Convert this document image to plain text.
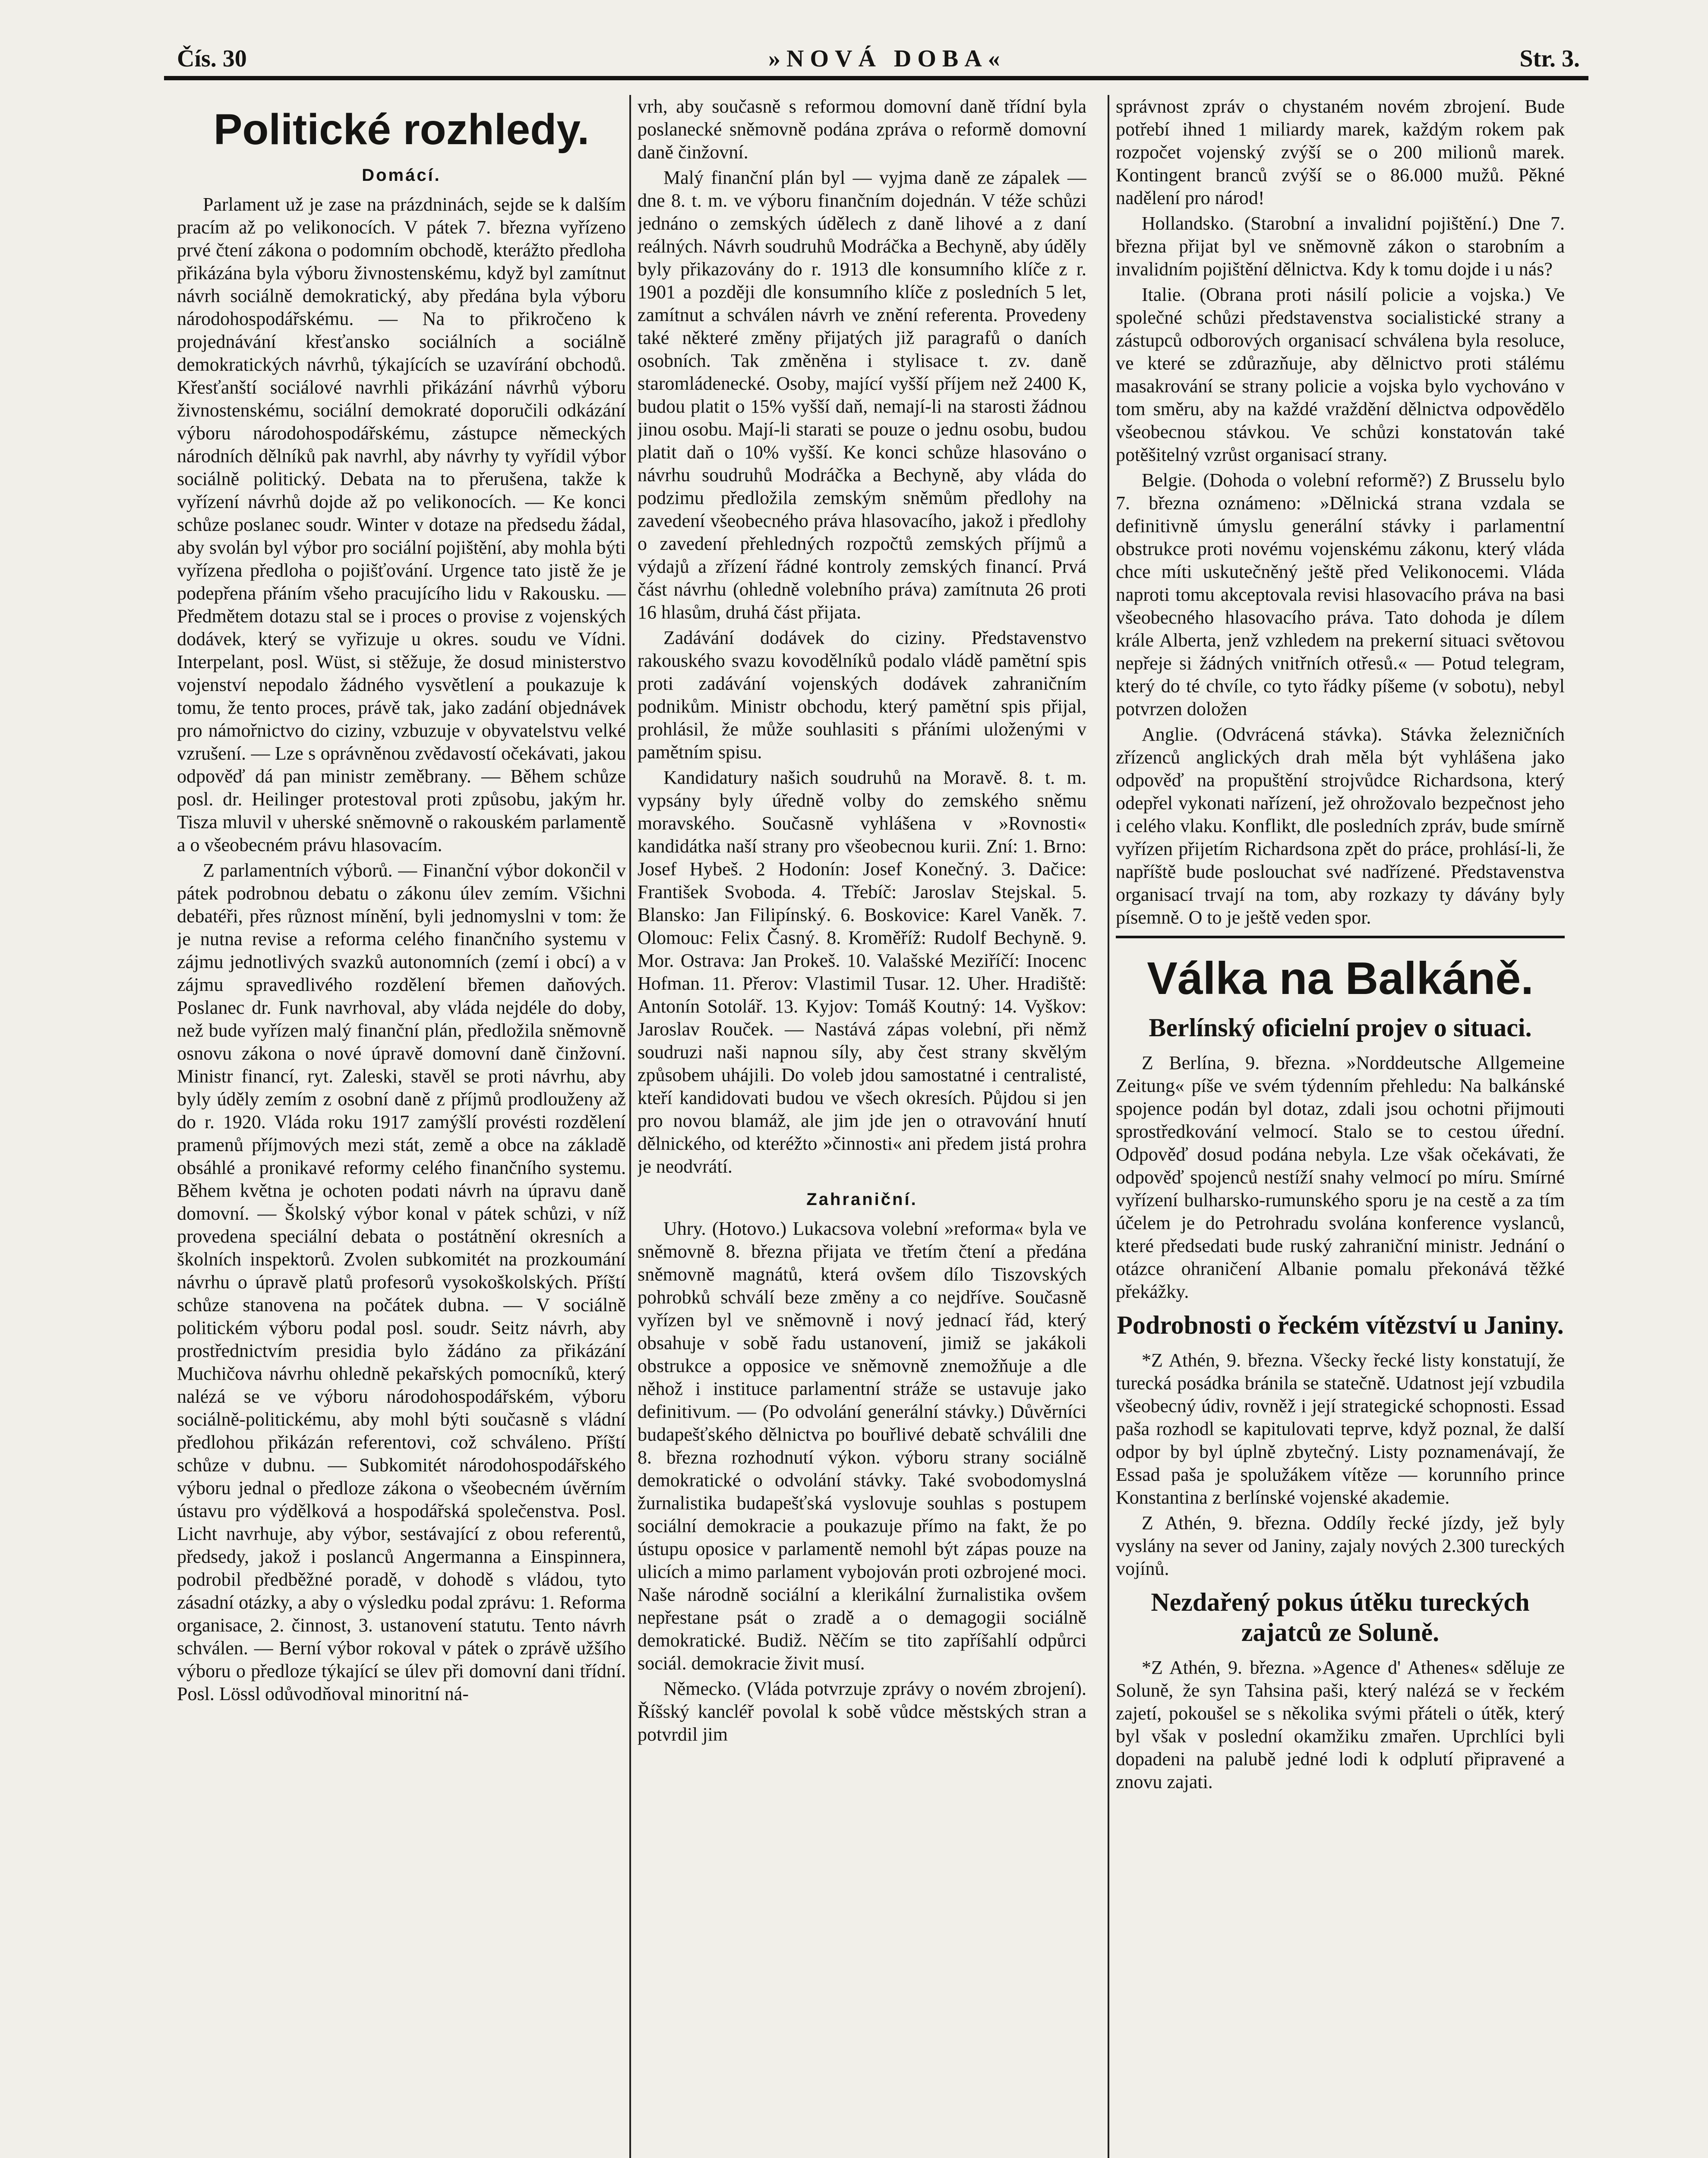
Čís. 30	»NOVÁ DOBA«	Str. 3.
Politické rozhledy.
Domácí.

Parlament už je zase na prázdninách, sejde se k dalším pracím až po velikonocích. V pátek 7. března vyřízeno prvé čtení zákona o podomním obchodě, kterážto předloha přikázána byla výboru živnostenskému, když byl zamítnut návrh sociálně demokratický, aby předána byla výboru národohospodářskému. — Na to přikročeno k projednávání křesťansko sociálních a sociálně demokratických návrhů, týkajících se uzavírání obchodů. Křesťanští sociálové navrhli přikázání návrhů výboru živnostenskému, sociální demokraté doporučili odkázání výboru národohospodářskému, zástupce německých národních dělníků pak navrhl, aby návrhy ty vyřídil výbor sociálně politický. Debata na to přerušena, takže k vyřízení návrhů dojde až po velikonocích. — Ke konci schůze poslanec soudr. Winter v dotaze na předsedu žádal, aby svolán byl výbor pro sociální pojištění, aby mohla býti vyřízena předloha o pojišťování. Urgence tato jistě že je podepřena přáním všeho pracujícího lidu v Rakousku. — Předmětem dotazu stal se i proces o provise z vojenských dodávek, který se vyřizuje u okres. soudu ve Vídni. Interpelant, posl. Wüst, si stěžuje, že dosud ministerstvo vojenství nepodalo žádného vysvětlení a poukazuje k tomu, že tento proces, právě tak, jako zadání objednávek pro námořnictvo do ciziny, vzbuzuje v obyvatelstvu velké vzrušení. — Lze s oprávněnou zvědavostí očekávati, jakou odpověď dá pan ministr zeměbrany. — Během schůze posl. dr. Heilinger protestoval proti způsobu, jakým hr. Tisza mluvil v uherské sněmovně o rakouském parlamentě a o všeobecném právu hlasovacím.

Z parlamentních výborů. — Finanční výbor dokončil v pátek podrobnou debatu o zákonu úlev zemím. Všichni debatéři, přes různost mínění, byli jednomyslni v tom: že je nutna revise a reforma celého finančního systemu v zájmu jednotlivých svazků autonomních (zemí i obcí) a v zájmu spravedlivého rozdělení břemen daňových. Poslanec dr. Funk navrhoval, aby vláda nejdéle do doby, než bude vyřízen malý finanční plán, předložila sněmovně osnovu zákona o nové úpravě domovní daně činžovní. Ministr financí, ryt. Zaleski, stavěl se proti návrhu, aby byly úděly zemím z osobní daně z příjmů prodlouženy až do r. 1920. Vláda roku 1917 zamýšlí provésti rozdělení pramenů příjmových mezi stát, země a obce na základě obsáhlé a pronikavé reformy celého finančního systemu. Během května je ochoten podati návrh na úpravu daně domovní. — Školský výbor konal v pátek schůzi, v níž provedena speciální debata o postátnění okresních a školních inspektorů. Zvolen subkomitét na prozkoumání návrhu o úpravě platů profesorů vysokoškolských. Příští schůze stanovena na počátek dubna. — V sociálně politickém výboru podal posl. soudr. Seitz návrh, aby prostřednictvím presidia bylo žádáno za přikázání Muchičova návrhu ohledně pekařských pomocníků, který nalézá se ve výboru národohospodářském, výboru sociálně-politickému, aby mohl býti současně s vládní předlohou přikázán referentovi, což schváleno. Příští schůze v dubnu. — Subkomitét národohospodářského výboru jednal o předloze zákona o všeobecném úvěrním ústavu pro výdělková a hospodářská společenstva. Posl. Licht navrhuje, aby výbor, sestávající z obou referentů, předsedy, jakož i poslanců Angermanna a Einspinnera, podrobil předběžné poradě, v dohodě s vládou, tyto zásadní otázky, a aby o výsledku podal zprávu: 1. Reforma organisace, 2. činnost, 3. ustanovení statutu. Tento návrh schválen. — Berní výbor rokoval v pátek o zprávě užšího výboru o předloze týkající se úlev při domovní dani třídní. Posl. Lössl odůvodňoval minoritní ná-

vrh, aby současně s reformou domovní daně třídní byla poslanecké sněmovně podána zpráva o reformě domovní daně činžovní.

Malý finanční plán byl — vyjma daně ze zápalek — dne 8. t. m. ve výboru finančním dojednán. V téže schůzi jednáno o zemských údělech z daně lihové a z daní reálných. Návrh soudruhů Modráčka a Bechyně, aby úděly byly přikazovány do r. 1913 dle konsumního klíče z r. 1901 a později dle konsumního klíče z posledních 5 let, zamítnut a schválen návrh ve znění referenta. Provedeny také některé změny přijatých již paragrafů o daních osobních. Tak změněna i stylisace t. zv. daně staromládenecké. Osoby, mající vyšší příjem než 2400 K, budou platit o 15% vyšší daň, nemají-li na starosti žádnou jinou osobu. Mají-li starati se pouze o jednu osobu, budou platit daň o 10% vyšší. Ke konci schůze hlasováno o návrhu soudruhů Modráčka a Bechyně, aby vláda do podzimu předložila zemským sněmům předlohy na zavedení všeobecného práva hlasovacího, jakož i předlohy o zavedení přehledných rozpočtů zemských příjmů a výdajů a zřízení řádné kontroly zemských financí. Prvá část návrhu (ohledně volebního práva) zamítnuta 26 proti 16 hlasům, druhá část přijata.

Zadávání dodávek do ciziny. Představenstvo rakouského svazu kovodělníků podalo vládě pamětní spis proti zadávání vojenských dodávek zahraničním podnikům. Ministr obchodu, který pamětní spis přijal, prohlásil, že může souhlasiti s přáními uloženými v pamětním spisu.

Kandidatury našich soudruhů na Moravě. 8. t. m. vypsány byly úředně volby do zemského sněmu moravského. Současně vyhlášena v »Rovnosti« kandidátka naší strany pro všeobecnou kurii. Zní: 1. Brno: Josef Hybeš. 2 Hodonín: Josef Konečný. 3. Dačice: František Svoboda. 4. Třebíč: Jaroslav Stejskal. 5. Blansko: Jan Filipínský. 6. Boskovice: Karel Vaněk. 7. Olomouc: Felix Časný. 8. Kroměříž: Rudolf Bechyně. 9. Mor. Ostrava: Jan Prokeš. 10. Valašské Meziříčí: Inocenc Hofman. 11. Přerov: Vlastimil Tusar. 12. Uher. Hradiště: Antonín Sotolář. 13. Kyjov: Tomáš Koutný: 14. Vyškov: Jaroslav Rouček. — Nastává zápas volební, při němž soudruzi naši napnou síly, aby čest strany skvělým způsobem uhájili. Do voleb jdou samostatné i centralisté, kteří kandidovati budou ve všech okresích. Půjdou si jen pro novou blamáž, ale jim jde jen o otravování hnutí dělnického, od kteréžto »činnosti« ani předem jistá prohra je neodvrátí.

Zahraniční.

Uhry. (Hotovo.) Lukacsova volební »reforma« byla ve sněmovně 8. března přijata ve třetím čtení a předána sněmovně magnátů, která ovšem dílo Tiszovských pohrobků schválí beze změny a co nejdříve. Současně vyřízen byl ve sněmovně i nový jednací řád, který obsahuje v sobě řadu ustanovení, jimiž se jakákoli obstrukce a opposice ve sněmovně znemožňuje a dle něhož i instituce parlamentní stráže se ustavuje jako definitivum. — (Po odvolání generální stávky.) Důvěrníci budapešťského dělnictva po bouřlivé debatě schválili dne 8. března rozhodnutí výkon. výboru strany sociálně demokratické o odvolání stávky. Také svobodomyslná žurnalistika budapešťská vyslovuje souhlas s postupem sociální demokracie a poukazuje přímo na fakt, že po ústupu oposice v parlamentě nemohl být zápas pouze na ulicích a mimo parlament vybojován proti ozbrojené moci. Naše národně sociální a klerikální žurnalistika ovšem nepřestane psát o zradě a o demagogii sociálně demokratické. Budiž. Něčím se tito zapříšahlí odpůrci sociál. demokracie živit musí.

Německo. (Vláda potvrzuje zprávy o novém zbrojení). Říšský kancléř povolal k sobě vůdce městských stran a potvrdil jim

správnost zpráv o chystaném novém zbrojení. Bude potřebí ihned 1 miliardy marek, každým rokem pak rozpočet vojenský zvýší se o 200 milionů marek. Kontingent branců zvýší se o 86.000 mužů. Pěkné nadělení pro národ!

Hollandsko. (Starobní a invalidní pojištění.) Dne 7. března přijat byl ve sněmovně zákon o starobním a invalidním pojištění dělnictva. Kdy k tomu dojde i u nás?

Italie. (Obrana proti násilí policie a vojska.) Ve společné schůzi představenstva socialistické strany a zástupců odborových organisací schválena byla resoluce, ve které se zdůrazňuje, aby dělnictvo proti stálému masakrování se strany policie a vojska bylo vychováno v tom směru, aby na každé vraždění dělnictva odpovědělo všeobecnou stávkou. Ve schůzi konstatován také potěšitelný vzrůst organisací strany.

Belgie. (Dohoda o volební reformě?) Z Brusselu bylo 7. března oznámeno: »Dělnická strana vzdala se definitivně úmyslu generální stávky i parlamentní obstrukce proti novému vojenskému zákonu, který vláda chce míti uskutečněný ještě před Velikonocemi. Vláda naproti tomu akceptovala revisi hlasovacího práva na basi všeobecného hlasovacího práva. Tato dohoda je dílem krále Alberta, jenž vzhledem na prekerní situaci světovou nepřeje si žádných vnitřních otřesů.« — Potud telegram, který do té chvíle, co tyto řádky píšeme (v sobotu), nebyl potvrzen doložen

Anglie. (Odvrácená stávka). Stávka železničních zřízenců anglických drah měla být vyhlášena jako odpověď na propuštění strojvůdce Richardsona, který odepřel vykonati nařízení, jež ohrožovalo bezpečnost jeho i celého vlaku. Konflikt, dle posledních zpráv, bude smírně vyřízen přijetím Richardsona zpět do práce, prohlásí-li, že napříště bude poslouchat své nadřízené. Představenstva organisací trvají na tom, aby rozkazy ty dávány byly písemně. O to je ještě veden spor.

Válka na Balkáně.
Berlínský oficielní projev o situaci.

Z Berlína, 9. března. »Norddeutsche Allgemeine Zeitung« píše ve svém týdenním přehledu: Na balkánské spojence podán byl dotaz, zdali jsou ochotni přijmouti sprostředkování velmocí. Stalo se to cestou úřední. Odpověď dosud podána nebyla. Lze však očekávati, že odpověď spojenců nestíží snahy velmocí po míru. Smírné vyřízení bulharsko-rumunského sporu je na cestě a za tím účelem je do Petrohradu svolána konference vyslanců, které předsedati bude ruský zahraniční ministr. Jednání o otázce ohraničení Albanie pomalu překonává těžké překážky.

Podrobnosti o řeckém vítězství u Janiny.

*Z Athén, 9. března. Všecky řecké listy konstatují, že turecká posádka bránila se statečně. Udatnost její vzbudila všeobecný údiv, rovněž i její strategické schopnosti. Essad paša rozhodl se kapitulovati teprve, když poznal, že další odpor by byl úplně zbytečný. Listy poznamenávají, že Essad paša je spolužákem vítěze — korunního prince Konstantina z berlínské vojenské akademie.

Z Athén, 9. března. Oddíly řecké jízdy, jež byly vyslány na sever od Janiny, zajaly nových 2.300 tureckých vojínů.

Nezdařený pokus útěku tureckých zajatců ze Soluně.

*Z Athén, 9. března. »Agence d' Athenes« sděluje ze Soluně, že syn Tahsina paši, který nalézá se v řeckém zajetí, pokoušel se s několika svými přáteli o útěk, který byl však v poslední okamžiku zmařen. Uprchlíci byli dopadeni na palubě jedné lodi k odplutí připravené a znovu zajati.
